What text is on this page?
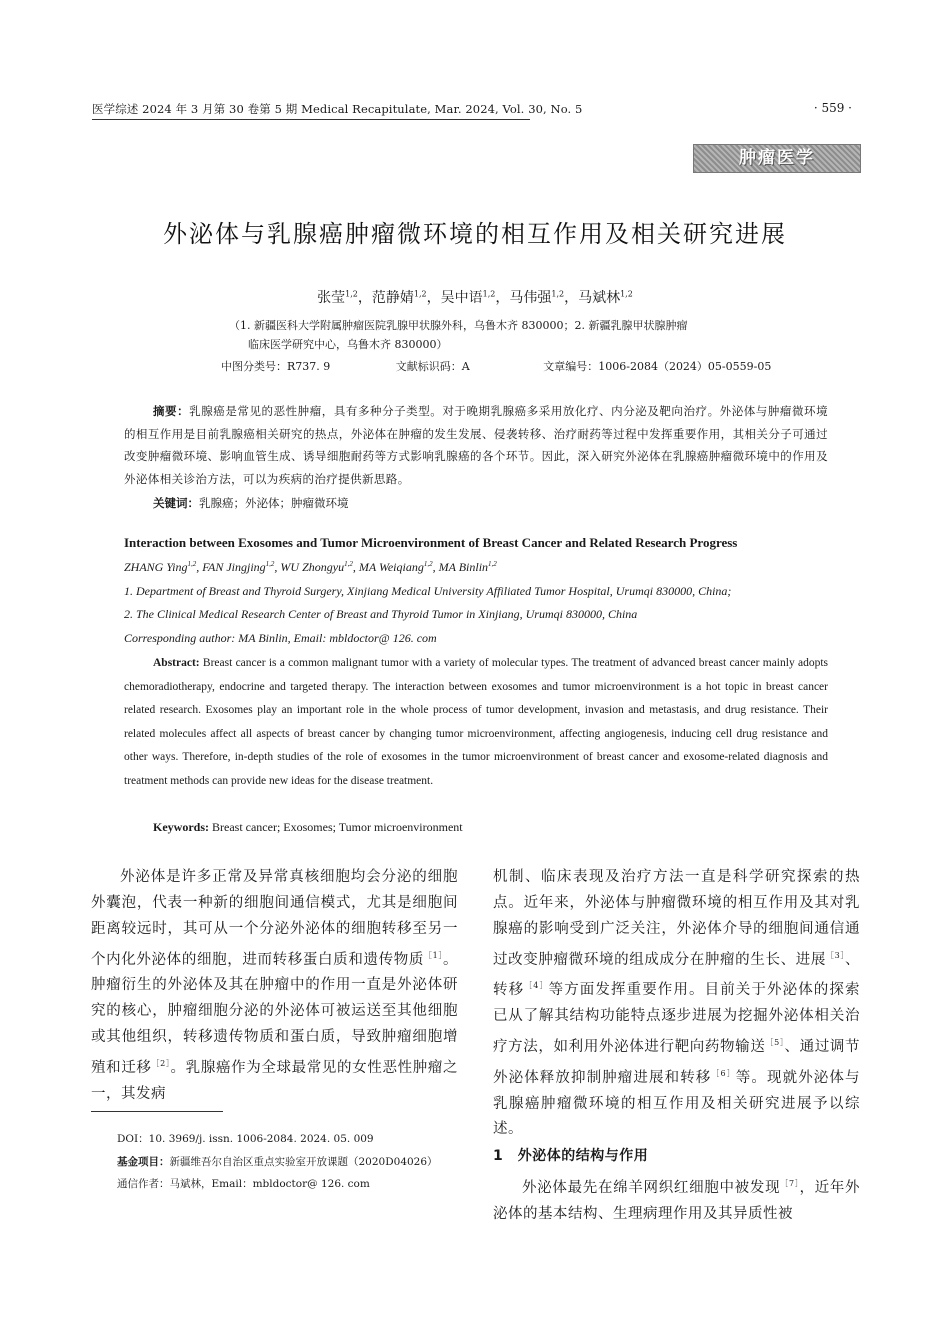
医学综述 2024 年 3 月第 30 卷第 5 期 Medical Recapitulate, Mar. 2024, Vol. 30, No. 5	· 559 ·
肿瘤医学
外泌体与乳腺癌肿瘤微环境的相互作用及相关研究进展
张莹$^{1,2}$，范静婧$^{1,2}$，吴中语$^{1,2}$，马伟强$^{1,2}$，马斌林$^{1,2}$
（1. 新疆医科大学附属肿瘤医院乳腺甲状腺外科，乌鲁木齐 830000；2. 新疆乳腺甲状腺肿瘤
临床医学研究中心，乌鲁木齐 830000）
中图分类号：R737. 9	文献标识码：A	文章编号：1006-2084（2024）05-0559-05
摘要：乳腺癌是常见的恶性肿瘤，具有多种分子类型。对于晚期乳腺癌多采用放化疗、内分泌及靶向治疗。外泌体与肿瘤微环境的相互作用是目前乳腺癌相关研究的热点，外泌体在肿瘤的发生发展、侵袭转移、治疗耐药等过程中发挥重要作用，其相关分子可通过改变肿瘤微环境、影响血管生成、诱导细胞耐药等方式影响乳腺癌的各个环节。因此，深入研究外泌体在乳腺癌肿瘤微环境中的作用及外泌体相关诊治方法，可以为疾病的治疗提供新思路。
关键词：乳腺癌；外泌体；肿瘤微环境
Interaction between Exosomes and Tumor Microenvironment of Breast Cancer and Related Research Progress
ZHANG Ying$^{1,2}$, FAN Jingjing$^{1,2}$, WU Zhongyu$^{1,2}$, MA Weiqiang$^{1,2}$, MA Binlin$^{1,2}$
1. Department of Breast and Thyroid Surgery, Xinjiang Medical University Affiliated Tumor Hospital, Urumqi 830000, China;
2. The Clinical Medical Research Center of Breast and Thyroid Tumor in Xinjiang, Urumqi 830000, China
Corresponding author: MA Binlin, Email: mbldoctor@ 126. com
Abstract: Breast cancer is a common malignant tumor with a variety of molecular types. The treatment of advanced breast cancer mainly adopts chemoradiotherapy, endocrine and targeted therapy. The interaction between exosomes and tumor microenvironment is a hot topic in breast cancer related research. Exosomes play an important role in the whole process of tumor development, invasion and metastasis, and drug resistance. Their related molecules affect all aspects of breast cancer by changing tumor microenvironment, affecting angiogenesis, inducing cell drug resistance and other ways. Therefore, in-depth studies of the role of exosomes in the tumor microenvironment of breast cancer and exosome-related diagnosis and treatment methods can provide new ideas for the disease treatment.
Keywords: Breast cancer; Exosomes; Tumor microenvironment
外泌体是许多正常及异常真核细胞均会分泌的细胞外囊泡，代表一种新的细胞间通信模式，尤其是细胞间距离较远时，其可从一个分泌外泌体的细胞转移至另一个内化外泌体的细胞，进而转移蛋白质和遗传物质$^{[1]}$。肿瘤衍生的外泌体及其在肿瘤中的作用一直是外泌体研究的核心，肿瘤细胞分泌的外泌体可被运送至其他细胞或其他组织，转移遗传物质和蛋白质，导致肿瘤细胞增殖和迁移$^{[2]}$。乳腺癌作为全球最常见的女性恶性肿瘤之一，其发病
机制、临床表现及治疗方法一直是科学研究探索的热点。近年来，外泌体与肿瘤微环境的相互作用及其对乳腺癌的影响受到广泛关注，外泌体介导的细胞间通信通过改变肿瘤微环境的组成成分在肿瘤的生长、进展$^{[3]}$、转移$^{[4]}$等方面发挥重要作用。目前关于外泌体的探索已从了解其结构功能特点逐步进展为挖掘外泌体相关治疗方法，如利用外泌体进行靶向药物输送$^{[5]}$、通过调节外泌体释放抑制肿瘤进展和转移$^{[6]}$等。现就外泌体与乳腺癌肿瘤微环境的相互作用及相关研究进展予以综述。
1　外泌体的结构与作用
外泌体最先在绵羊网织红细胞中被发现$^{[7]}$，近年外泌体的基本结构、生理病理作用及其异质性被
DOI：10. 3969/j. issn. 1006-2084. 2024. 05. 009
基金项目：新疆维吾尔自治区重点实验室开放课题（2020D04026）
通信作者：马斌林，Email：mbldoctor@ 126. com
